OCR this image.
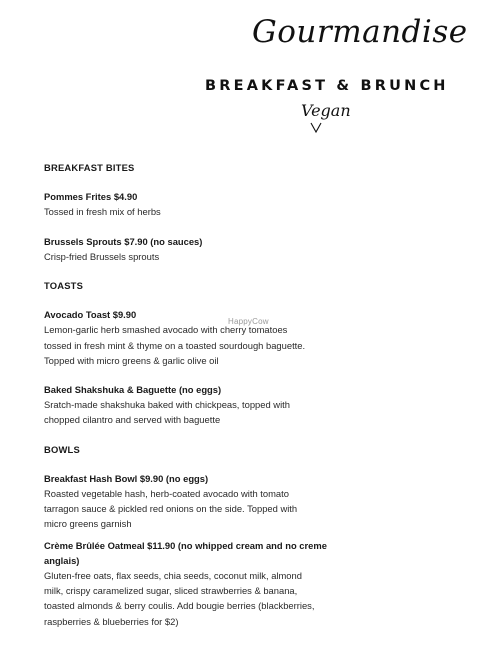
Gourmandise
BREAKFAST & BRUNCH
Vegan

BREAKFAST BITES

Pommes Frites $4.90

Tossed in fresh mix of herbs

Brussels Sprouts $7.90 (no sauces)

Crisp-fried Brussels sprouts

TOASTS

Avocado Toast $9.90

Lemon-garlic herb smashed avocado with cherry tomatoes

tossed in fresh mint & thyme on a toasted sourdough baguette.

Topped with micro greens & garlic olive oil

Baked Shakshuka & Baguette (no eggs)

Sratch-made shakshuka baked with chickpeas, topped with

chopped cilantro and served with baguette

BOWLS

Breakfast Hash Bowl $9.90 (no eggs)

Roasted vegetable hash, herb-coated avocado with tomato

tarragon sauce & pickled red onions on the side. Topped with

micro greens garnish

Crème Brûlée Oatmeal $11.90 (no whipped cream and no creme anglais)

Gluten-free oats, flax seeds, chia seeds, coconut milk, almond

milk, crispy caramelized sugar, sliced strawberries & banana,

toasted almonds & berry coulis. Add bougie berries (blackberries,

raspberries & blueberries for $2)

HappyCow
